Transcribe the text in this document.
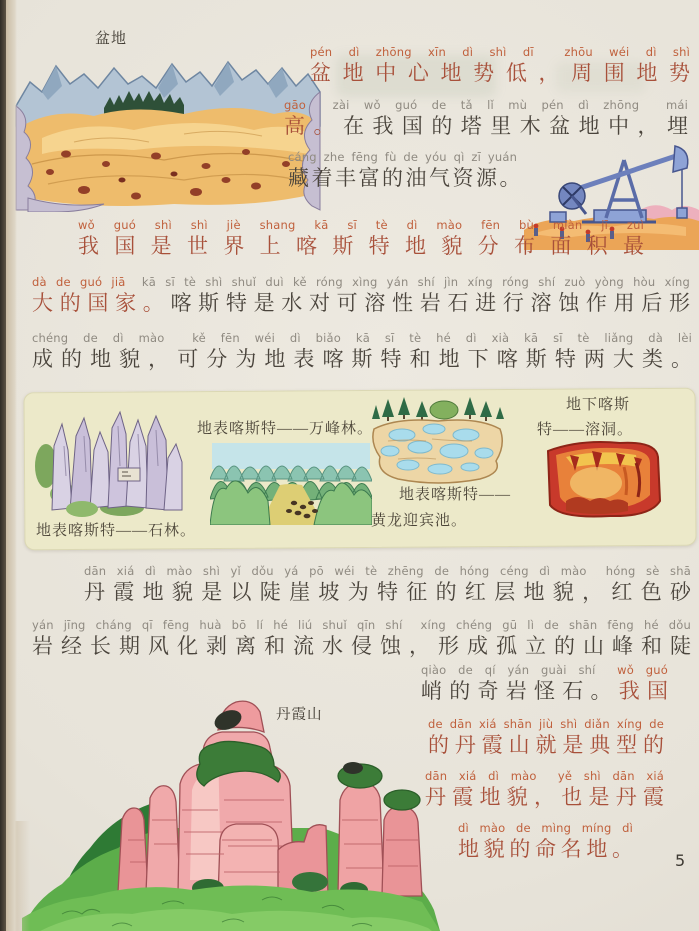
盆地
pén dì zhōng xīn dì shì dī　zhōu wéi dì shì
盆地中心地势低，周围地势
gāo　zài wǒ guó de tǎ lǐ mù pén dì zhōng　mái
高。在我国的塔里木盆地中，埋
cáng zhe fēng fù de yóu qì zī yuán
藏着丰富的油气资源。
wǒ guó shì shì jiè shang kā sī tè dì mào fēn bù miàn jī zuì
我国是世界上喀斯特地貌分布面积最
dà de guó jiā　kā sī tè shì shuǐ duì kě róng xìng yán shí jìn xíng róng shí zuò yòng hòu xíng
大的国家。喀斯特是水对可溶性岩石进行溶蚀作用后形
chéng de dì mào　kě fēn wéi dì biǎo kā sī tè hé dì xià kā sī tè liǎng dà lèi
成的地貌，可分为地表喀斯特和地下喀斯特两大类。
地表喀斯特——石林。
地表喀斯特——万峰林。
地表喀斯特——
黄龙迎宾池。
地下喀斯
特——溶洞。
dān xiá dì mào shì yǐ dǒu yá pō wéi tè zhēng de hóng céng dì mào　hóng sè shā
丹霞地貌是以陡崖坡为特征的红层地貌，红色砂
yán jīng cháng qī fēng huà bō lí hé liú shuǐ qīn shí　xíng chéng gū lì de shān fēng hé dǒu
岩经长期风化剥离和流水侵蚀，形成孤立的山峰和陡
qiào de qí yán guài shí　wǒ guó
峭的奇岩怪石。我国
de dān xiá shān jiù shì diǎn xíng de
的丹霞山就是典型的
dān xiá dì mào　yě shì dān xiá
丹霞地貌，也是丹霞
dì mào de mìng míng dì
地貌的命名地。
丹霞山
5
